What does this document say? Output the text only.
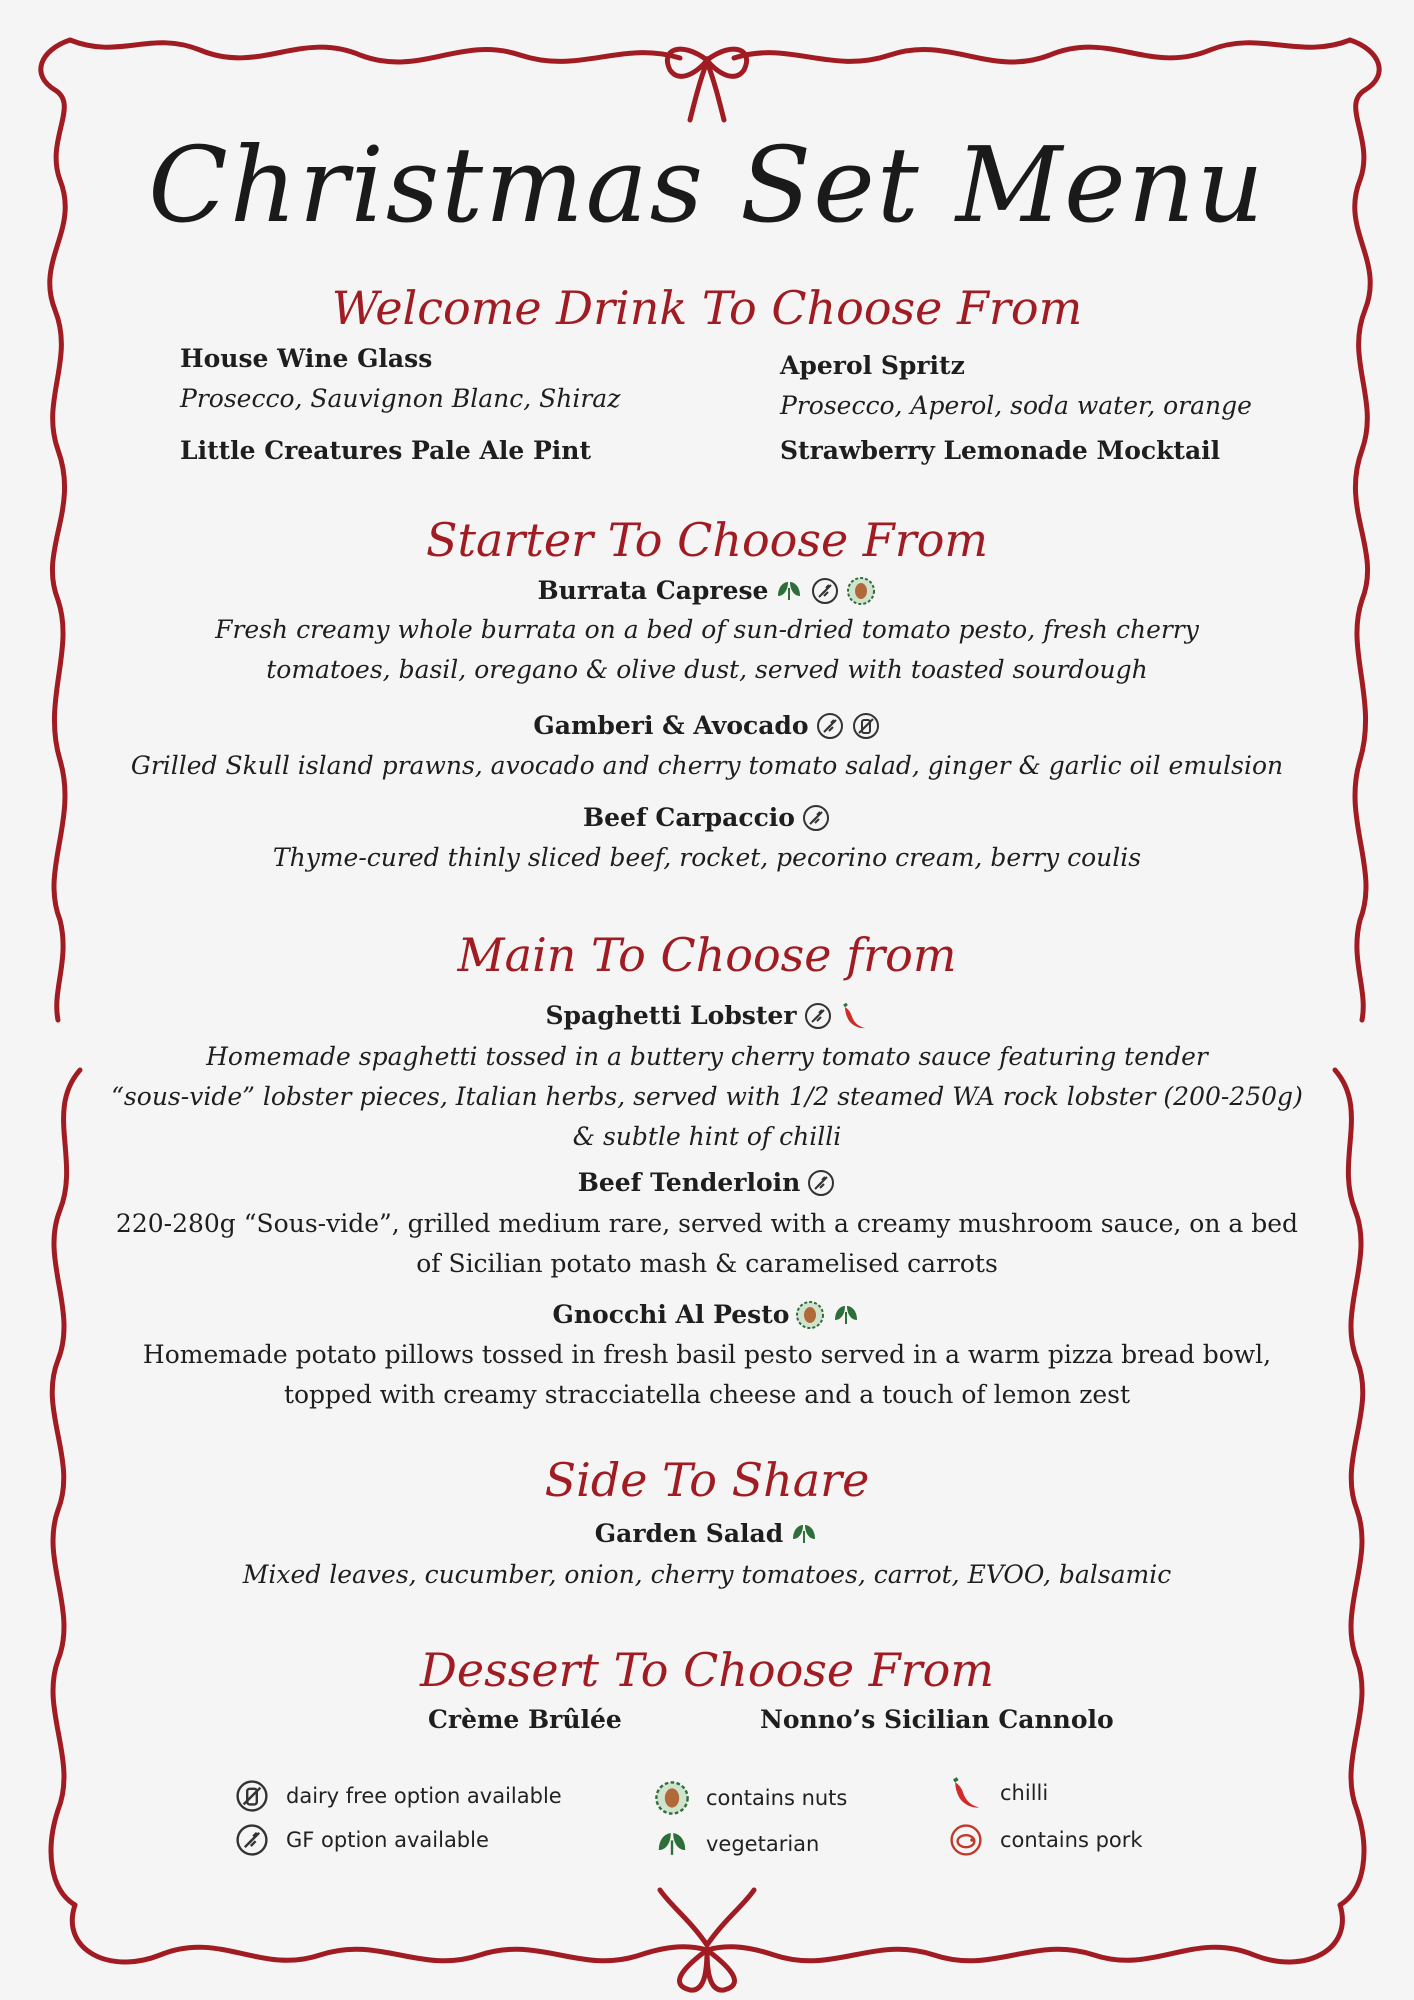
Christmas Set Menu
Welcome Drink To Choose From
House Wine Glass
Prosecco, Sauvignon Blanc, Shiraz
Aperol Spritz
Prosecco, Aperol, soda water, orange
Little Creatures Pale Ale Pint	Strawberry Lemonade Mocktail
Starter To Choose From
Burrata Caprese
Fresh creamy whole burrata on a bed of sun-dried tomato pesto, fresh cherry
tomatoes, basil, oregano & olive dust, served with toasted sourdough
Gamberi & Avocado
Grilled Skull island prawns, avocado and cherry tomato salad, ginger & garlic oil emulsion
Beef Carpaccio
Thyme-cured thinly sliced beef, rocket, pecorino cream, berry coulis
Main To Choose from
Spaghetti Lobster
Homemade spaghetti tossed in a buttery cherry tomato sauce featuring tender
“sous-vide” lobster pieces, Italian herbs, served with 1/2 steamed WA rock lobster (200-250g)
& subtle hint of chilli
Beef Tenderloin
220-280g “Sous-vide”, grilled medium rare, served with a creamy mushroom sauce, on a bed
of Sicilian potato mash & caramelised carrots
Gnocchi Al Pesto
Homemade potato pillows tossed in fresh basil pesto served in a warm pizza bread bowl,
topped with creamy stracciatella cheese and a touch of lemon zest
Side To Share
Garden Salad
Mixed leaves, cucumber, onion, cherry tomatoes, carrot, EVOO, balsamic
Dessert To Choose From
Crème Brûlée	Nonno’s Sicilian Cannolo
dairy free option available
GF option available
contains nuts
vegetarian
chilli
contains pork
